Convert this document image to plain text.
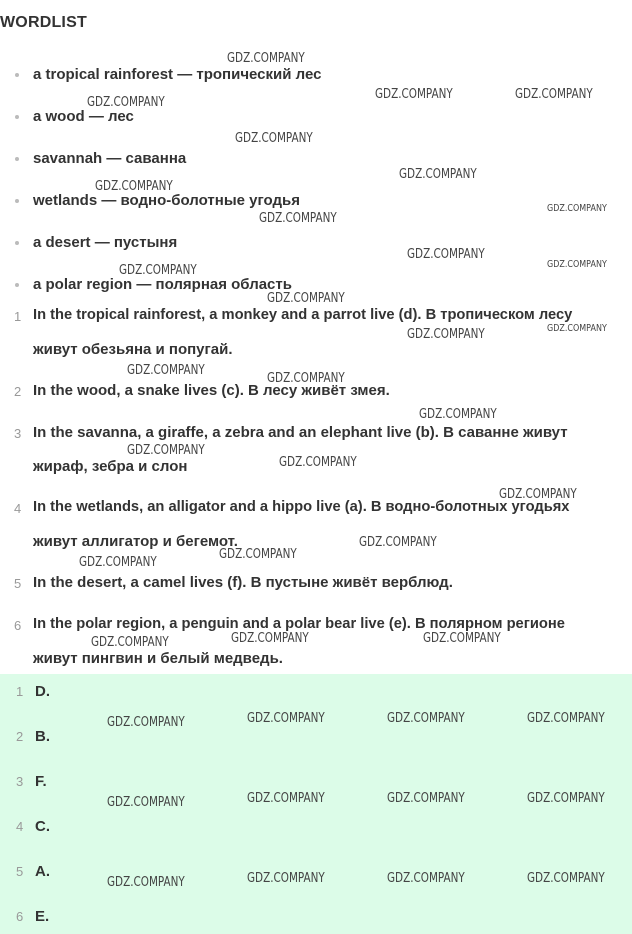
WORDLIST
a tropical rainforest — тропический лес
a wood — лес
savannah — саванна
wetlands — водно-болотные угодья
a desert — пустыня
a polar region — полярная область
1 In the tropical rainforest, a monkey and a parrot live (d). В тропическом лесу
живут обезьяна и попугай.
2 In the wood, a snake lives (c). В лесу живёт змея.
3 In the savanna, a giraffe, a zebra and an elephant live (b). В саванне живут
жираф, зебра и слон
4 In the wetlands, an alligator and a hippo live (a). В водно-болотных угодьях
живут аллигатор и бегемот.
5 In the desert, a camel lives (f). В пустыне живёт верблюд.
6 In the polar region, a penguin and a polar bear live (e). В полярном регионе
живут пингвин и белый медведь.
1 D.
2 B.
3 F.
4 C.
5 A.
6 E.
GDZ.COMPANY
GDZ.COMPANY
GDZ.COMPANY	GDZ.COMPANY
GDZ.COMPANY
GDZ.COMPANY
GDZ.COMPANY
GDZ.COMPANY
GDZ.COMPANY
GDZ.COMPANY
GDZ.COMPANY
GDZ.COMPANY
GDZ.COMPANY
GDZ.COMPANY
GDZ.COMPANY
GDZ.COMPANY
GDZ.COMPANY
GDZ.COMPANY
GDZ.COMPANY
GDZ.COMPANY
GDZ.COMPANY
GDZ.COMPANY
GDZ.COMPANY
GDZ.COMPANY
GDZ.COMPANY	GDZ.COMPANY
GDZ.COMPANY
GDZ.COMPANY	GDZ.COMPANY	GDZ.COMPANY	GDZ.COMPANY
GDZ.COMPANY	GDZ.COMPANY	GDZ.COMPANY	GDZ.COMPANY
GDZ.COMPANY	GDZ.COMPANY	GDZ.COMPANY	GDZ.COMPANY
